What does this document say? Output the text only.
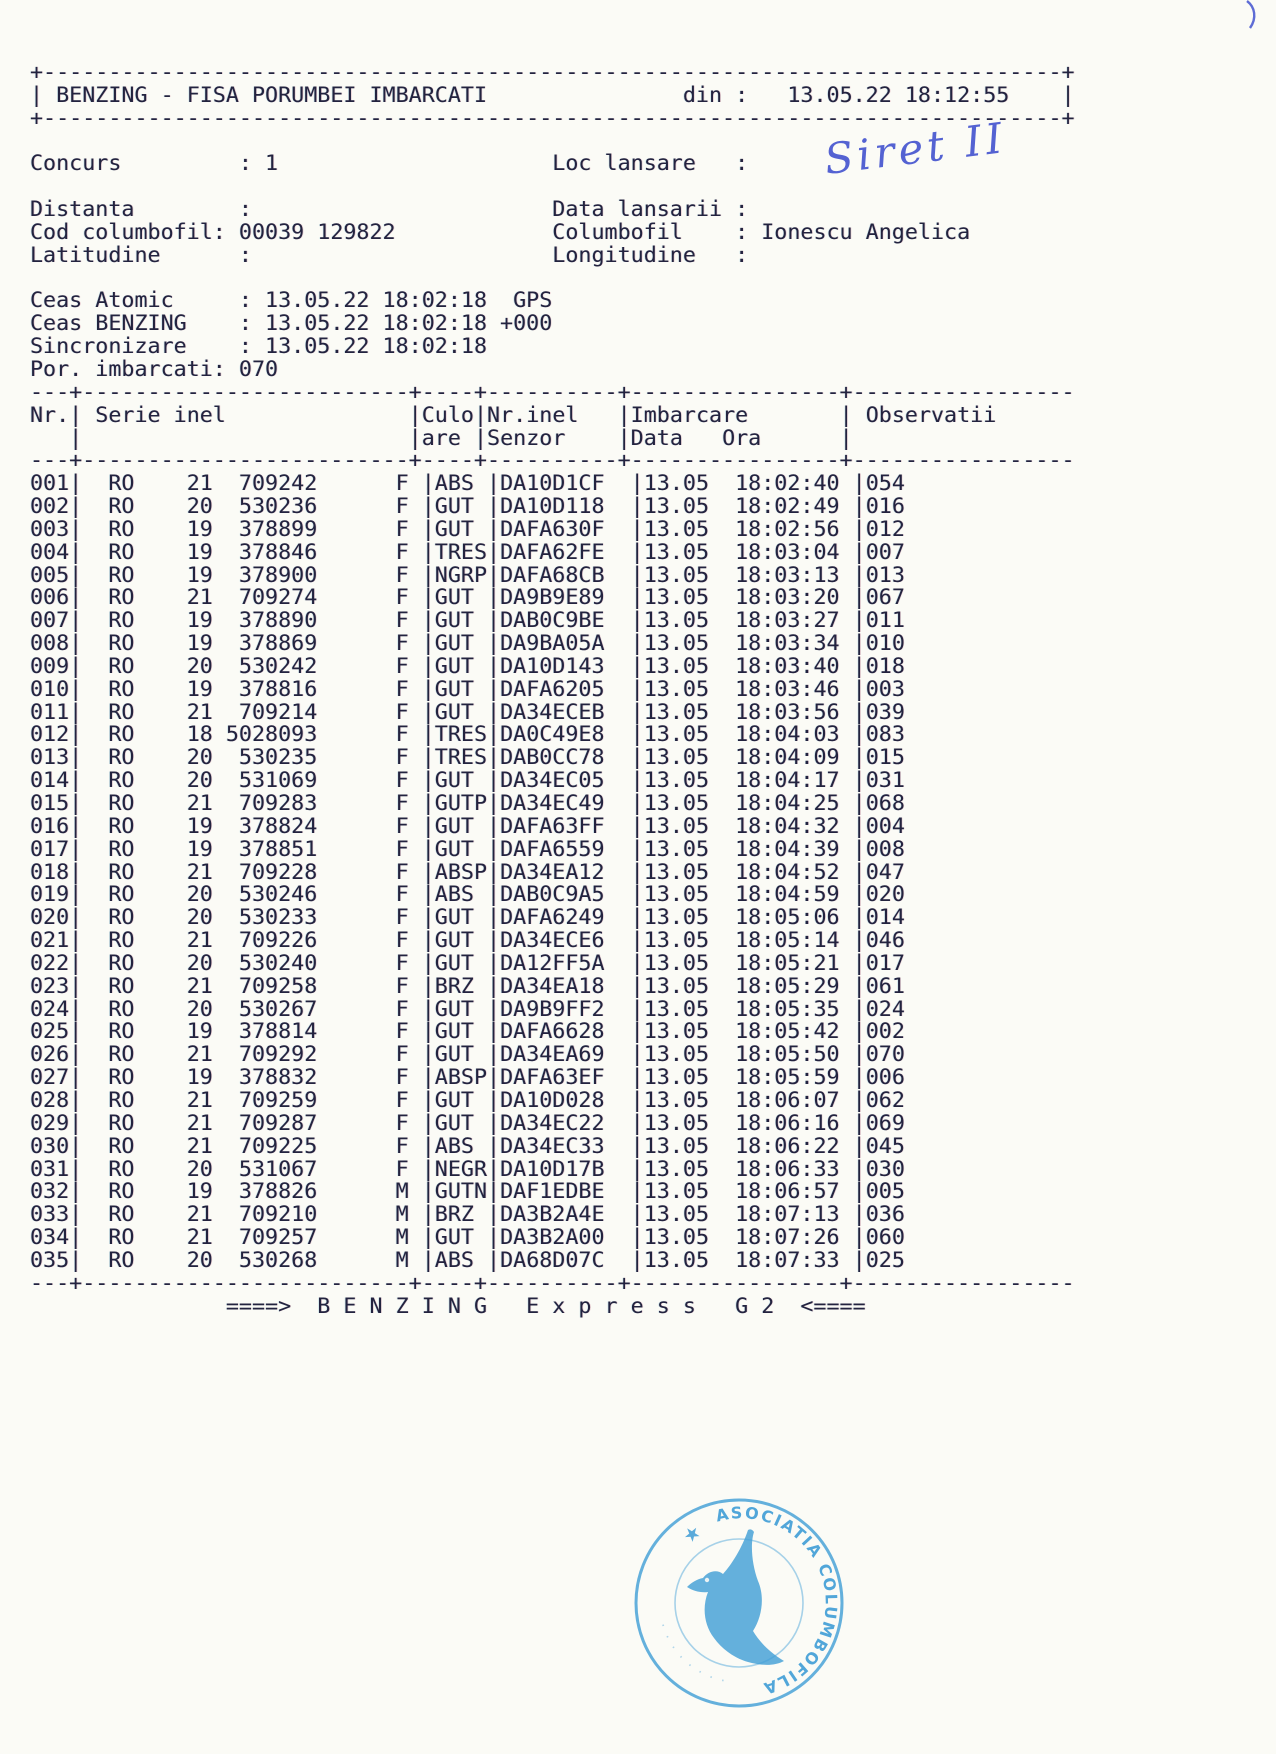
+------------------------------------------------------------------------------+
| BENZING - FISA PORUMBEI IMBARCATI	din : 13.05.22 18:12:55 |
+------------------------------------------------------------------------------+

Concurs         : 1	Loc lansare   :

Distanta        :	Data lansarii :
Cod columbofil: 00039 129822	Columbofil    : Ionescu Angelica
Latitudine      :	Longitudine   :

Ceas Atomic     : 13.05.22 18:02:18  GPS
Ceas BENZING    : 13.05.22 18:02:18 +000
Sincronizare    : 13.05.22 18:02:18
Por. imbarcati: 070
---+-------------------------+----+----------+----------------+-----------------
Nr.| Serie inel              |Culo|Nr.inel   |Imbarcare       | Observatii
|	|are |Senzor    |Data   Ora      |
---+-------------------------+----+----------+----------------+-----------------
001|  RO    21  709242      F |ABS |DA10D1CF  |13.05  18:02:40 |054
002|  RO    20  530236      F |GUT |DA10D118  |13.05  18:02:49 |016
003|  RO    19  378899      F |GUT |DAFA630F  |13.05  18:02:56 |012
004|  RO    19  378846      F |TRES|DAFA62FE  |13.05  18:03:04 |007
005|  RO    19  378900      F |NGRP|DAFA68CB  |13.05  18:03:13 |013
006|  RO    21  709274      F |GUT |DA9B9E89  |13.05  18:03:20 |067
007|  RO    19  378890      F |GUT |DAB0C9BE  |13.05  18:03:27 |011
008|  RO    19  378869      F |GUT |DA9BA05A  |13.05  18:03:34 |010
009|  RO    20  530242      F |GUT |DA10D143  |13.05  18:03:40 |018
010|  RO    19  378816      F |GUT |DAFA6205  |13.05  18:03:46 |003
011|  RO    21  709214      F |GUT |DA34ECEB  |13.05  18:03:56 |039
012|  RO    18 5028093      F |TRES|DA0C49E8  |13.05  18:04:03 |083
013|  RO    20  530235      F |TRES|DAB0CC78  |13.05  18:04:09 |015
014|  RO    20  531069      F |GUT |DA34EC05  |13.05  18:04:17 |031
015|  RO    21  709283      F |GUTP|DA34EC49  |13.05  18:04:25 |068
016|  RO    19  378824      F |GUT |DAFA63FF  |13.05  18:04:32 |004
017|  RO    19  378851      F |GUT |DAFA6559  |13.05  18:04:39 |008
018|  RO    21  709228      F |ABSP|DA34EA12  |13.05  18:04:52 |047
019|  RO    20  530246      F |ABS |DAB0C9A5  |13.05  18:04:59 |020
020|  RO    20  530233      F |GUT |DAFA6249  |13.05  18:05:06 |014
021|  RO    21  709226      F |GUT |DA34ECE6  |13.05  18:05:14 |046
022|  RO    20  530240      F |GUT |DA12FF5A  |13.05  18:05:21 |017
023|  RO    21  709258      F |BRZ |DA34EA18  |13.05  18:05:29 |061
024|  RO    20  530267      F |GUT |DA9B9FF2  |13.05  18:05:35 |024
025|  RO    19  378814      F |GUT |DAFA6628  |13.05  18:05:42 |002
026|  RO    21  709292      F |GUT |DA34EA69  |13.05  18:05:50 |070
027|  RO    19  378832      F |ABSP|DAFA63EF  |13.05  18:05:59 |006
028|  RO    21  709259      F |GUT |DA10D028  |13.05  18:06:07 |062
029|  RO    21  709287      F |GUT |DA34EC22  |13.05  18:06:16 |069
030|  RO    21  709225      F |ABS |DA34EC33  |13.05  18:06:22 |045
031|  RO    20  531067      F |NEGR|DA10D17B  |13.05  18:06:33 |030
032|  RO    19  378826      M |GUTN|DAF1EDBE  |13.05  18:06:57 |005
033|  RO    21  709210      M |BRZ |DA3B2A4E  |13.05  18:07:13 |036
034|  RO    21  709257      M |GUT |DA3B2A00  |13.05  18:07:26 |060
035|  RO    20  530268      M |ABS |DA68D07C  |13.05  18:07:33 |025
---+-------------------------+----+----------+----------------+-----------------
====>  B E N Z I N G   E x p r e s s   G 2  <====
Siret II
ASOCIATIA COLUMBOFILA
· · · · · · · ·
★
